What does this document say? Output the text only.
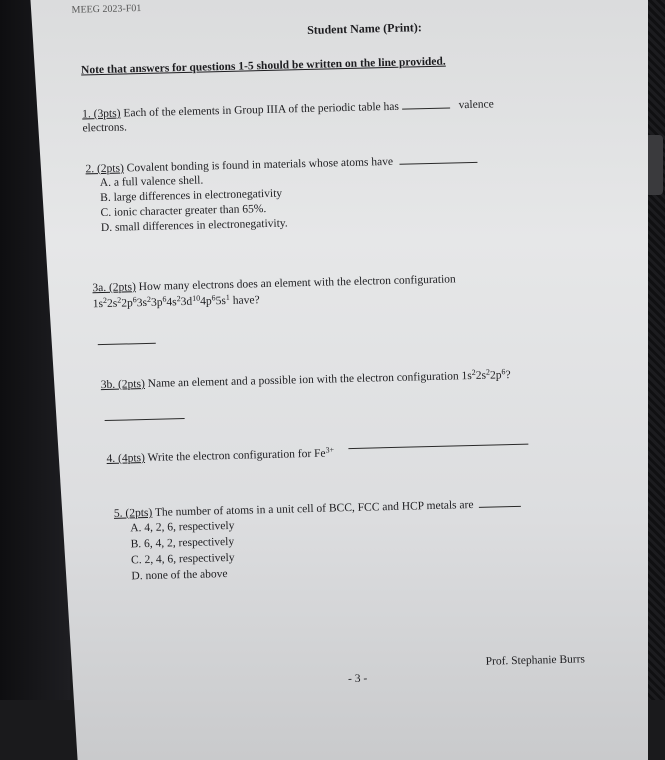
MEEG 2023-F01
Student Name (Print):
Note that answers for questions 1-5 should be written on the line provided.
1. (3pts) Each of the elements in Group IIIA of the periodic table has	valence
electrons.
2. (2pts) Covalent bonding is found in materials whose atoms have
A. a full valence shell.
B. large differences in electronegativity
C. ionic character greater than 65%.
D. small differences in electronegativity.
3a. (2pts) How many electrons does an element with the electron configuration
$1s^22s^22p^63s^23p^64s^23d^{10}4p^65s^1$ have?
3b. (2pts) Name an element and a possible ion with the electron configuration $1s^22s^22p^6$?
4. (4pts) Write the electron configuration for $Fe^{3+}$
5. (2pts) The number of atoms in a unit cell of BCC, FCC and HCP metals are
A. 4, 2, 6, respectively
B. 6, 4, 2, respectively
C. 2, 4, 6, respectively
D. none of the above
- 3 -
Prof. Stephanie Burrs
